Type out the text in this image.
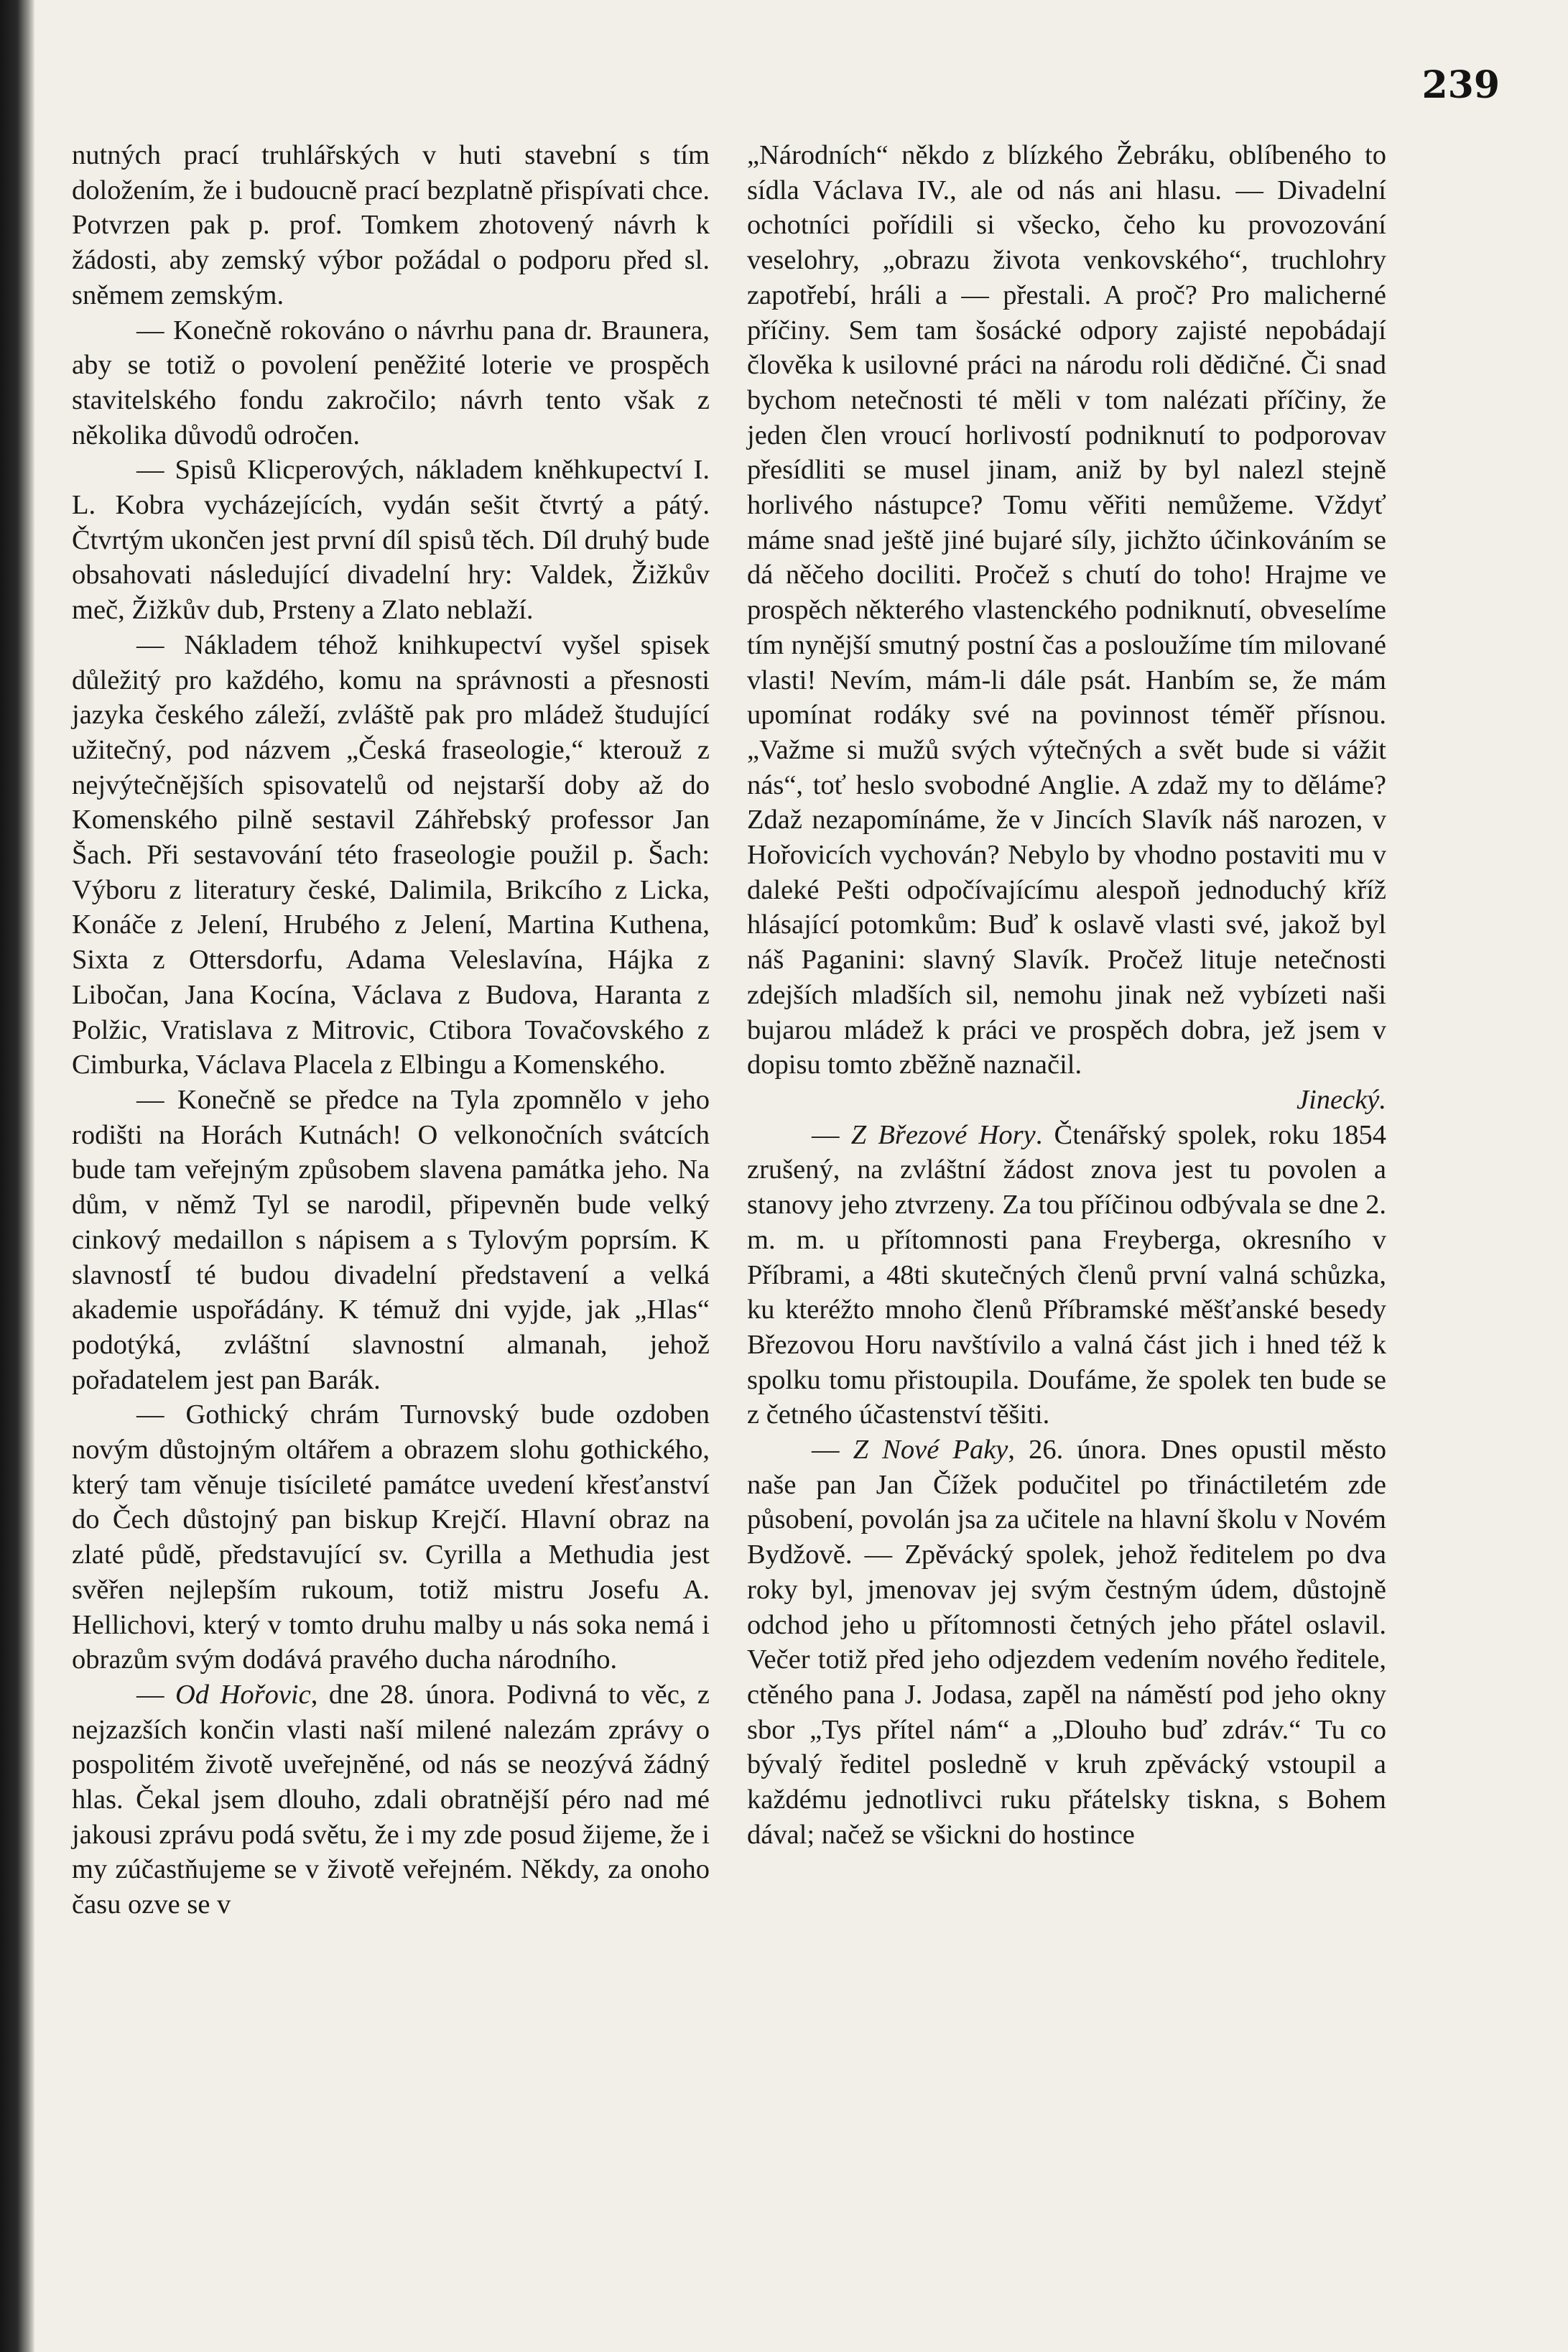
239

nutných prací truhlářských v huti stavební s tím doložením, že i budoucně prací bezplatně přispívati chce. Potvrzen pak p. prof. Tomkem zhotovený návrh k žádosti, aby zemský výbor požádal o podporu před sl. sněmem zemským.

— Konečně rokováno o návrhu pana dr. Braunera, aby se totiž o povolení peněžité loterie ve prospěch stavitelského fondu zakročilo; návrh tento však z několika důvodů odročen.

— Spisů Klicperových, nákladem kněhkupectví I. L. Kobra vycházejících, vydán sešit čtvrtý a pátý. Čtvrtým ukončen jest první díl spisů těch. Díl druhý bude obsahovati následující divadelní hry: Valdek, Žižkův meč, Žižkův dub, Prsteny a Zlato neblaží.

— Nákladem téhož knihkupectví vyšel spisek důležitý pro každého, komu na správnosti a přesnosti jazyka českého záleží, zvláště pak pro mládež študující užitečný, pod názvem „Česká fraseologie,“ kterouž z nejvýtečnějších spisovatelů od nejstarší doby až do Komenského pilně sestavil Záhřebský professor Jan Šach. Při sestavování této fraseologie použil p. Šach: Výboru z literatury české, Dalimila, Brikcího z Licka, Konáče z Jelení, Hrubého z Jelení, Martina Kuthena, Sixta z Ottersdorfu, Adama Veleslavína, Hájka z Libočan, Jana Kocína, Václava z Budova, Haranta z Polžic, Vratislava z Mitrovic, Ctibora Tovačovského z Cimburka, Václava Placela z Elbingu a Komenského.

— Konečně se předce na Tyla zpomnělo v jeho rodišti na Horách Kutnách! O velkonočních svátcích bude tam veřejným způsobem slavena památka jeho. Na dům, v němž Tyl se narodil, připevněn bude velký cinkový medaillon s nápisem a s Tylovým poprsím. K slavnostÍ té budou divadelní představení a velká akademie uspořádány. K témuž dni vyjde, jak „Hlas“ podotýká, zvláštní slavnostní almanah, jehož pořadatelem jest pan Barák.

— Gothický chrám Turnovský bude ozdoben novým důstojným oltářem a obrazem slohu gothického, který tam věnuje tisícileté památce uvedení křesťanství do Čech důstojný pan biskup Krejčí. Hlavní obraz na zlaté půdě, představující sv. Cyrilla a Methudia jest svěřen nejlepším rukoum, totiž mistru Josefu A. Hellichovi, který v tomto druhu malby u nás soka nemá i obrazům svým dodává pravého ducha národního.

— Od Hořovic, dne 28. února. Podivná to věc, z nejzazších končin vlasti naší milené nalezám zprávy o pospolitém životě uveřejněné, od nás se neozývá žádný hlas. Čekal jsem dlouho, zdali obratnější péro nad mé jakousi zprávu podá světu, že i my zde posud žijeme, že i my zúčastňujeme se v životě veřejném. Někdy, za onoho času ozve se v

„Národních“ někdo z blízkého Žebráku, oblíbeného to sídla Václava IV., ale od nás ani hlasu. — Divadelní ochotníci pořídili si všecko, čeho ku provozování veselohry, „obrazu života venkovského“, truchlohry zapotřebí, hráli a — přestali. A proč? Pro malicherné příčiny. Sem tam šosácké odpory zajisté nepobádají člověka k usilovné práci na národu roli dědičné. Či snad bychom netečnosti té měli v tom nalézati příčiny, že jeden člen vroucí horlivostí podniknutí to podporovav přesídliti se musel jinam, aniž by byl nalezl stejně horlivého nástupce? Tomu věřiti nemůžeme. Vždyť máme snad ještě jiné bujaré síly, jichžto účinkováním se dá něčeho dociliti. Pročež s chutí do toho! Hrajme ve prospěch některého vlastenckého podniknutí, obveselíme tím nynější smutný postní čas a posloužíme tím milované vlasti! Nevím, mám-li dále psát. Hanbím se, že mám upomínat rodáky své na povinnost téměř přísnou. „Važme si mužů svých výtečných a svět bude si vážit nás“, toť heslo svobodné Anglie. A zdaž my to děláme? Zdaž nezapomínáme, že v Jincích Slavík náš narozen, v Hořovicích vychován? Nebylo by vhodno postaviti mu v daleké Pešti odpočívajícímu alespoň jednoduchý kříž hlásající potomkům: Buď k oslavě vlasti své, jakož byl náš Paganini: slavný Slavík. Pročež lituje netečnosti zdejších mladších sil, nemohu jinak než vybízeti naši bujarou mládež k práci ve prospěch dobra, jež jsem v dopisu tomto zběžně naznačil.

Jinecký.

— Z Březové Hory. Čtenářský spolek, roku 1854 zrušený, na zvláštní žádost znova jest tu povolen a stanovy jeho ztvrzeny. Za tou příčinou odbývala se dne 2. m. m. u přítomnosti pana Freyberga, okresního v Příbrami, a 48ti skutečných členů první valná schůzka, ku kteréžto mnoho členů Příbramské měšťanské besedy Březovou Horu navštívilo a valná část jich i hned též k spolku tomu přistoupila. Doufáme, že spolek ten bude se z četného účastenství těšiti.

— Z Nové Paky, 26. února. Dnes opustil město naše pan Jan Čížek podučitel po třináctiletém zde působení, povolán jsa za učitele na hlavní školu v Novém Bydžově. — Zpěvácký spolek, jehož ředitelem po dva roky byl, jmenovav jej svým čestným údem, důstojně odchod jeho u přítomnosti četných jeho přátel oslavil. Večer totiž před jeho odjezdem vedením nového ředitele, ctěného pana J. Jodasa, zapěl na náměstí pod jeho okny sbor „Tys přítel nám“ a „Dlouho buď zdráv.“ Tu co bývalý ředitel posledně v kruh zpěvácký vstoupil a každému jednotlivci ruku přátelsky tiskna, s Bohem dával; načež se všickni do hostince
